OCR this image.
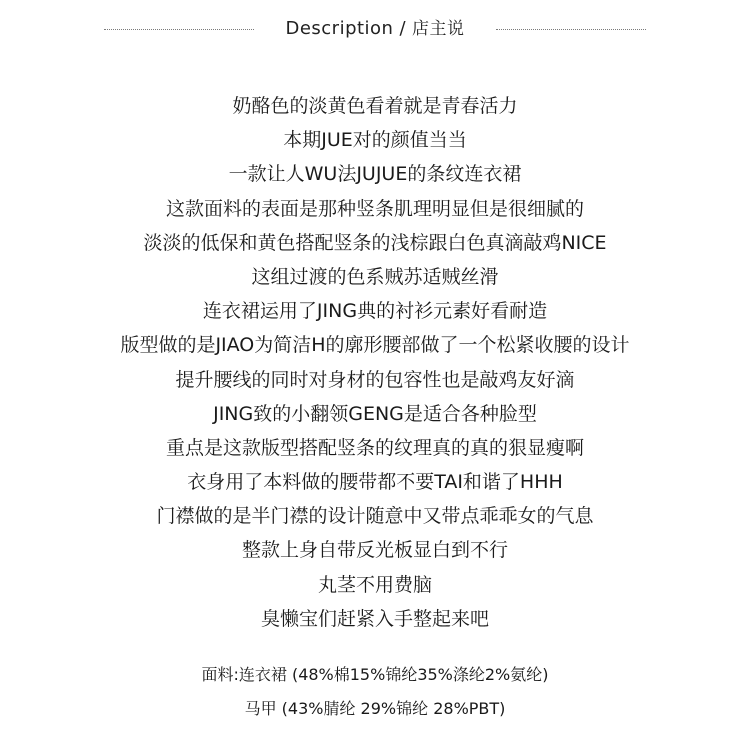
Description / 店主说
奶酪色的淡黄色看着就是青春活力
本期JUE对的颜值当当
一款让人WU法JUJUE的条纹连衣裙
这款面料的表面是那种竖条肌理明显但是很细腻的
淡淡的低保和黄色搭配竖条的浅棕跟白色真滴敲鸡NICE
这组过渡的色系贼苏适贼丝滑
连衣裙运用了JING典的衬衫元素好看耐造
版型做的是JIAO为简洁H的廓形腰部做了一个松紧收腰的设计
提升腰线的同时对身材的包容性也是敲鸡友好滴
JING致的小翻领GENG是适合各种脸型
重点是这款版型搭配竖条的纹理真的真的狠显瘦啊
衣身用了本料做的腰带都不要TAI和谐了HHH
门襟做的是半门襟的设计随意中又带点乖乖女的气息
整款上身自带反光板显白到不行
丸茎不用费脑
臭懒宝们赶紧入手整起来吧
面料:连衣裙 (48%棉15%锦纶35%涤纶2%氨纶)
马甲 (43%腈纶 29%锦纶 28%PBT)
